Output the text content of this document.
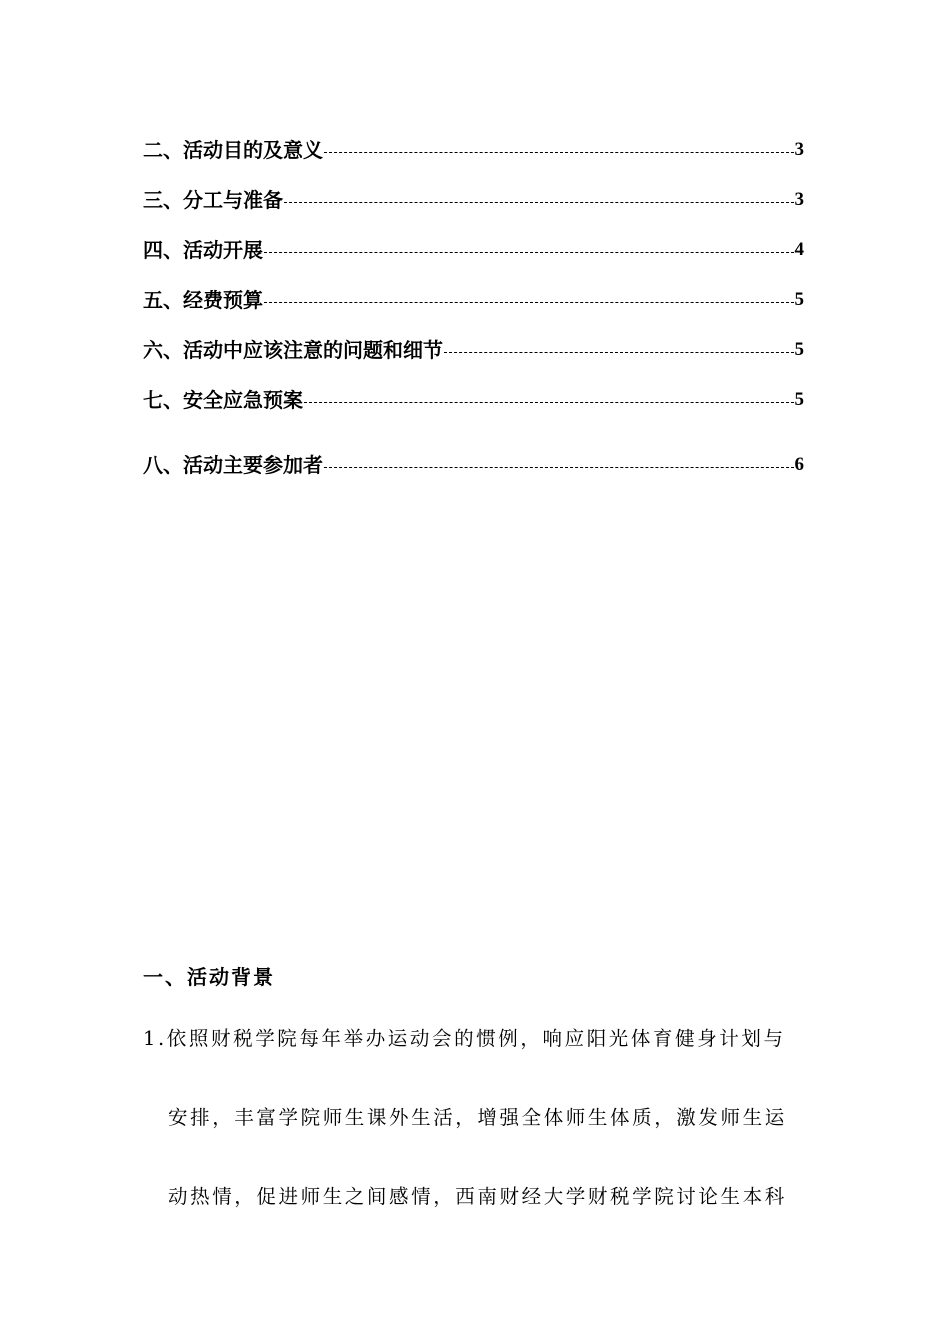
二、活动目的及意义	3
三、分工与准备	3
四、活动开展	4
五、经费预算	5
六、活动中应该注意的问题和细节	5
七、安全应急预案	5
八、活动主要参加者	6
一、活动背景
1.依照财税学院每年举办运动会的惯例，响应阳光体育健身计划与
安排，丰富学院师生课外生活，增强全体师生体质，激发师生运
动热情，促进师生之间感情，西南财经大学财税学院讨论生本科
